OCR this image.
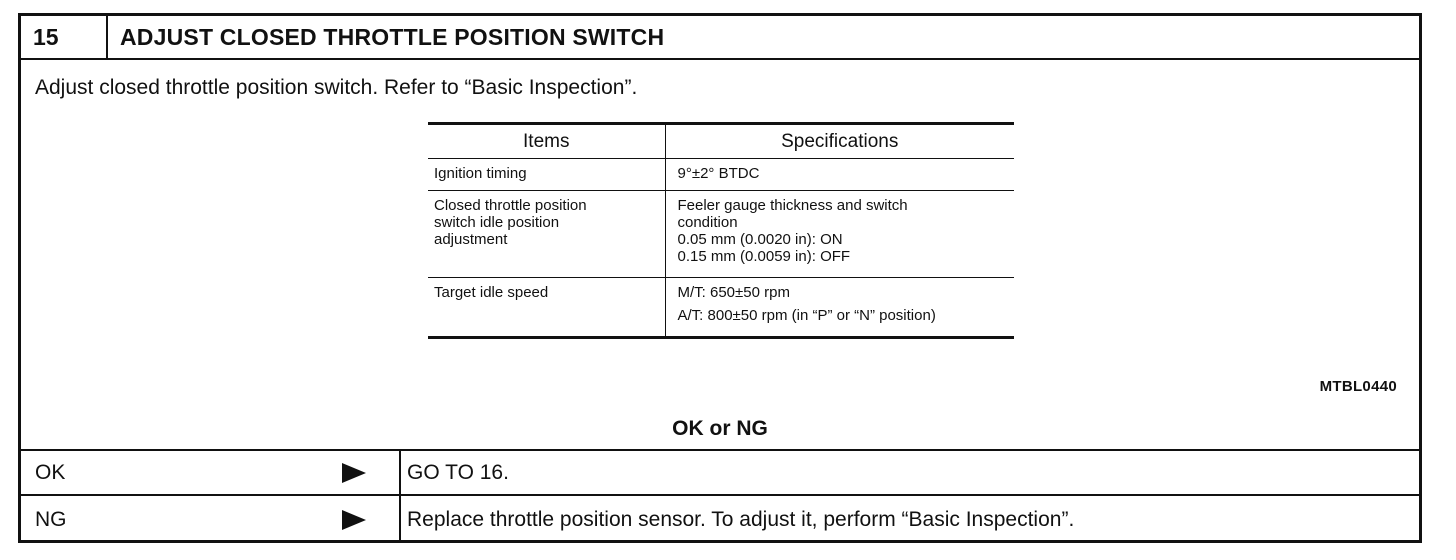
15	ADJUST CLOSED THROTTLE POSITION SWITCH
Adjust closed throttle position switch. Refer to “Basic Inspection”.
Items	Specifications
Ignition timing	9°±2° BTDC

Closed throttle position switch idle position adjustment	Feeler gauge thickness and switch condition
0.05 mm (0.0020 in): ON
0.15 mm (0.0059 in): OFF

Target idle speed	M/T: 650±50 rpm
A/T: 800±50 rpm (in “P” or “N” position)
MTBL0440
OK or NG
OK	GO TO 16.
NG	Replace throttle position sensor. To adjust it, perform “Basic Inspection”.
